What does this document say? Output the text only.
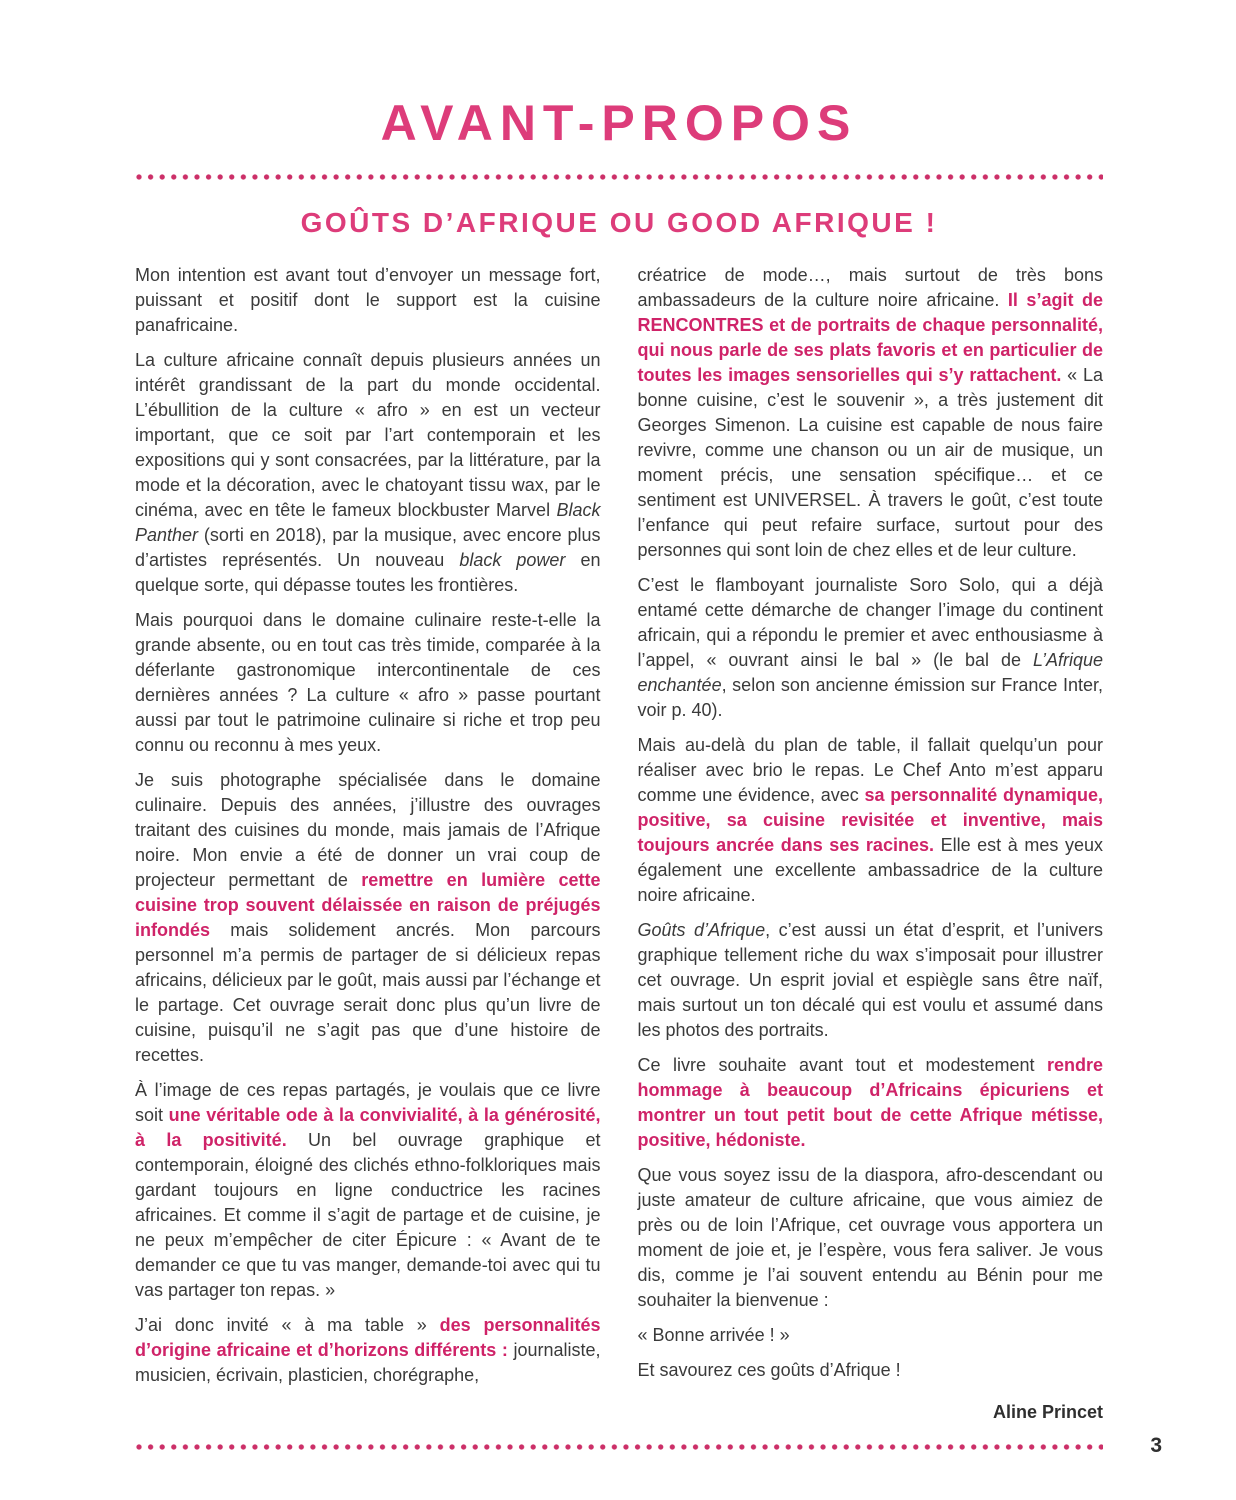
AVANT-PROPOS
GOÛTS D’AFRIQUE OU GOOD AFRIQUE !

Mon intention est avant tout d’envoyer un message fort, puissant et positif dont le support est la cuisine panafricaine.

La culture africaine connaît depuis plusieurs années un intérêt grandissant de la part du monde occidental. L’ébullition de la culture « afro » en est un vecteur important, que ce soit par l’art contemporain et les expositions qui y sont consacrées, par la littérature, par la mode et la décoration, avec le chatoyant tissu wax, par le cinéma, avec en tête le fameux blockbuster Marvel Black Panther (sorti en 2018), par la musique, avec encore plus d’artistes représentés. Un nouveau black power en quelque sorte, qui dépasse toutes les frontières.

Mais pourquoi dans le domaine culinaire reste-t-elle la grande absente, ou en tout cas très timide, comparée à la déferlante gastronomique intercontinentale de ces dernières années ? La culture « afro » passe pourtant aussi par tout le patrimoine culinaire si riche et trop peu connu ou reconnu à mes yeux.

Je suis photographe spécialisée dans le domaine culinaire. Depuis des années, j’illustre des ouvrages traitant des cuisines du monde, mais jamais de l’Afrique noire. Mon envie a été de donner un vrai coup de projecteur permettant de remettre en lumière cette cuisine trop souvent délaissée en raison de préjugés infondés mais solidement ancrés. Mon parcours personnel m’a permis de partager de si délicieux repas africains, délicieux par le goût, mais aussi par l’échange et le partage. Cet ouvrage serait donc plus qu’un livre de cuisine, puisqu’il ne s’agit pas que d’une histoire de recettes.

À l’image de ces repas partagés, je voulais que ce livre soit une véritable ode à la convivialité, à la générosité, à la positivité. Un bel ouvrage graphique et contemporain, éloigné des clichés ethno-folkloriques mais gardant toujours en ligne conductrice les racines africaines. Et comme il s’agit de partage et de cuisine, je ne peux m’empêcher de citer Épicure : « Avant de te demander ce que tu vas manger, demande-toi avec qui tu vas partager ton repas. »

J’ai donc invité « à ma table » des personnalités d’origine africaine et d’horizons différents : journaliste, musicien, écrivain, plasticien, chorégraphe,

créatrice de mode…, mais surtout de très bons ambassadeurs de la culture noire africaine. Il s’agit de RENCONTRES et de portraits de chaque personnalité, qui nous parle de ses plats favoris et en particulier de toutes les images sensorielles qui s’y rattachent. « La bonne cuisine, c’est le souvenir », a très justement dit Georges Simenon. La cuisine est capable de nous faire revivre, comme une chanson ou un air de musique, un moment précis, une sensation spécifique… et ce sentiment est UNIVERSEL. À travers le goût, c’est toute l’enfance qui peut refaire surface, surtout pour des personnes qui sont loin de chez elles et de leur culture.

C’est le flamboyant journaliste Soro Solo, qui a déjà entamé cette démarche de changer l’image du continent africain, qui a répondu le premier et avec enthousiasme à l’appel, « ouvrant ainsi le bal » (le bal de L’Afrique enchantée, selon son ancienne émission sur France Inter, voir p. 40).

Mais au-delà du plan de table, il fallait quelqu’un pour réaliser avec brio le repas. Le Chef Anto m’est apparu comme une évidence, avec sa personnalité dynamique, positive, sa cuisine revisitée et inventive, mais toujours ancrée dans ses racines. Elle est à mes yeux également une excellente ambassadrice de la culture noire africaine.

Goûts d’Afrique, c’est aussi un état d’esprit, et l’univers graphique tellement riche du wax s’imposait pour illustrer cet ouvrage. Un esprit jovial et espiègle sans être naïf, mais surtout un ton décalé qui est voulu et assumé dans les photos des portraits.

Ce livre souhaite avant tout et modestement rendre hommage à beaucoup d’Africains épicuriens et montrer un tout petit bout de cette Afrique métisse, positive, hédoniste.

Que vous soyez issu de la diaspora, afro-descendant ou juste amateur de culture africaine, que vous aimiez de près ou de loin l’Afrique, cet ouvrage vous apportera un moment de joie et, je l’espère, vous fera saliver. Je vous dis, comme je l’ai souvent entendu au Bénin pour me souhaiter la bienvenue :

« Bonne arrivée ! »

Et savourez ces goûts d’Afrique !

Aline Princet
3
